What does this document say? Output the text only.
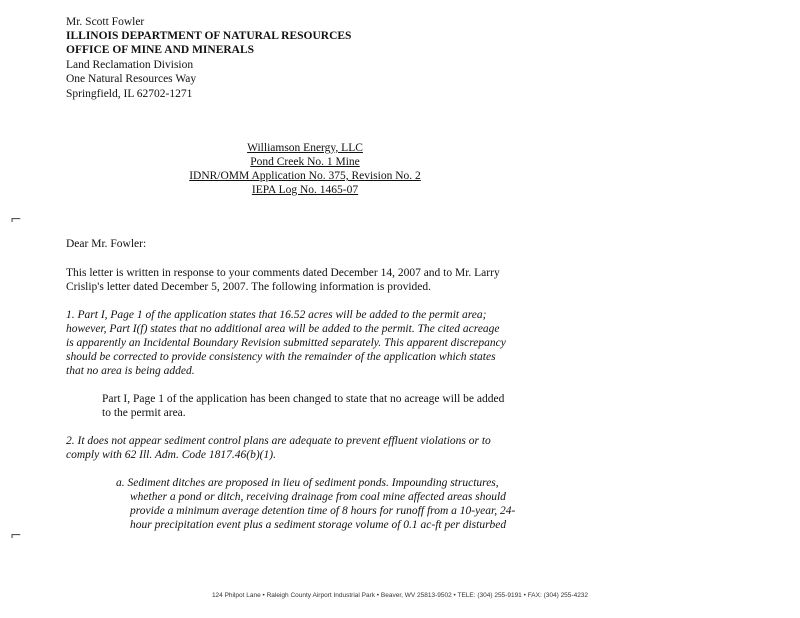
Mr. Scott Fowler
ILLINOIS DEPARTMENT OF NATURAL RESOURCES
OFFICE OF MINE AND MINERALS
Land Reclamation Division
One Natural Resources Way
Springfield, IL 62702-1271
Williamson Energy, LLC
Pond Creek No. 1 Mine
IDNR/OMM Application No. 375, Revision No. 2
IEPA Log No. 1465-07
⌐
⌐
Dear Mr. Fowler:
This letter is written in response to your comments dated December 14, 2007 and to Mr. Larry
Crislip's letter dated December 5, 2007. The following information is provided.
1. Part I, Page 1 of the application states that 16.52 acres will be added to the permit area;
however, Part I(f) states that no additional area will be added to the permit. The cited acreage
is apparently an Incidental Boundary Revision submitted separately. This apparent discrepancy
should be corrected to provide consistency with the remainder of the application which states
that no area is being added.
Part I, Page 1 of the application has been changed to state that no acreage will be added
to the permit area.
2. It does not appear sediment control plans are adequate to prevent effluent violations or to
comply with 62 Ill. Adm. Code 1817.46(b)(1).
a. Sediment ditches are proposed in lieu of sediment ponds. Impounding structures,
whether a pond or ditch, receiving drainage from coal mine affected areas should
provide a minimum average detention time of 8 hours for runoff from a 10-year, 24-
hour precipitation event plus a sediment storage volume of 0.1 ac-ft per disturbed
124 Philpot Lane • Raleigh County Airport Industrial Park • Beaver, WV 25813-9502 • TELE: (304) 255-9191 • FAX: (304) 255-4232
